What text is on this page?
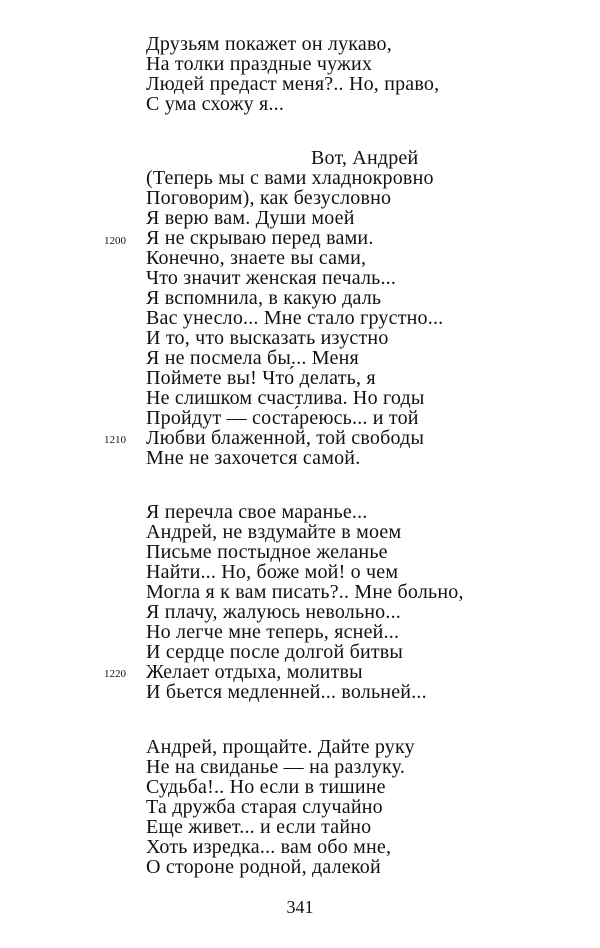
Друзьям покажет он лукаво,
На толки праздные чужих
Людей предаст меня?.. Но, право,
С ума схожу я...
Вот, Андрей
(Теперь мы с вами хладнокровно
Поговорим), как безусловно
Я верю вам. Души моей
1200 Я не скрываю перед вами.
Конечно, знаете вы сами,
Что значит женская печаль...
Я вспомнила, в какую даль
Вас унесло... Мне стало грустно...
И то, что высказать изустно
Я не посмела бы... Меня
Поймете вы! Что́ делать, я
Не слишком счастлива. Но годы
Пройдут — соста́реюсь... и той
1210 Любви блаженной, той свободы
Мне не захочется самой.
Я перечла свое маранье...
Андрей, не вздумайте в моем
Письме постыдное желанье
Найти... Но, боже мой! о чем
Могла я к вам писать?.. Мне больно,
Я плачу, жалуюсь невольно...
Но легче мне теперь, ясней...
И сердце после долгой битвы
1220 Желает отдыха, молитвы
И бьется медленней... вольней...
Андрей, прощайте. Дайте руку
Не на свиданье — на разлуку.
Судьба!.. Но если в тишине
Та дружба старая случайно
Еще живет... и если тайно
Хоть изредка... вам обо мне,
О стороне родной, далекой
341
